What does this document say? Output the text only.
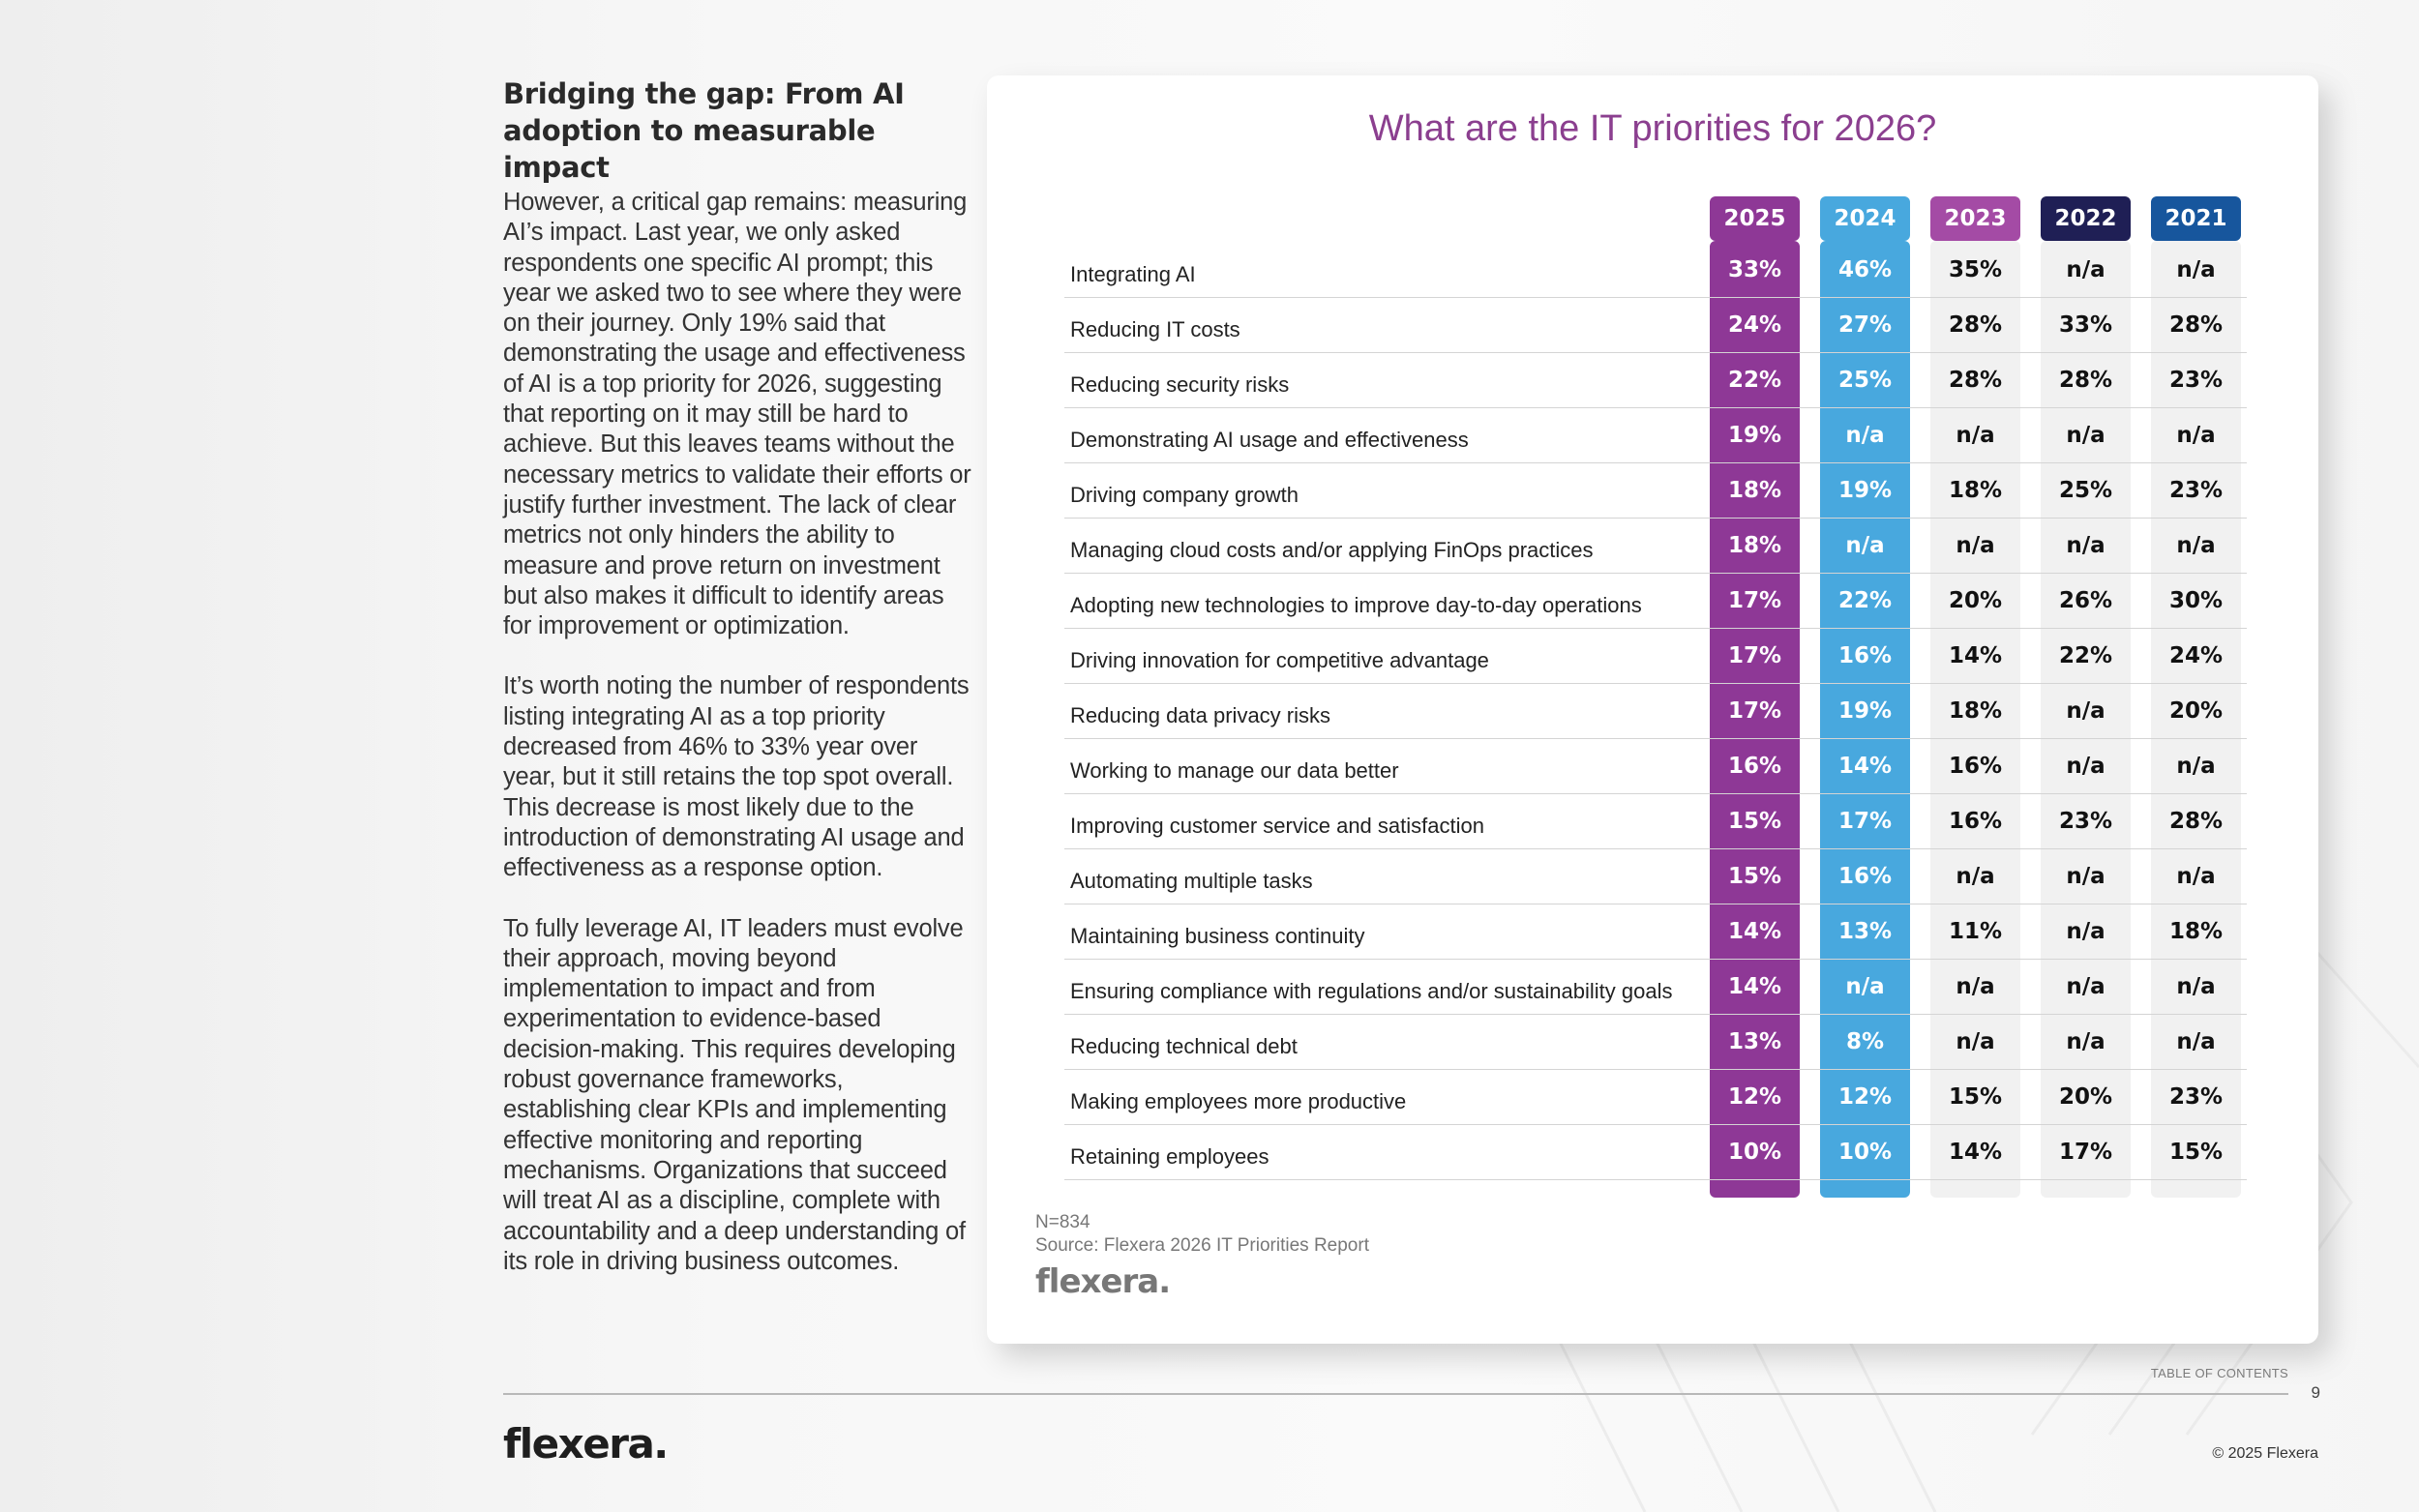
Bridging the gap: From AI adoption to measurable impact

However, a critical gap remains: measuring AI’s impact. Last year, we only asked respondents one specific AI prompt; this year we asked two to see where they were on their journey. Only 19% said that demonstrating the usage and effectiveness of AI is a top priority for 2026, suggesting that reporting on it may still be hard to achieve. But this leaves teams without the necessary metrics to validate their efforts or justify further investment. The lack of clear metrics not only hinders the ability to measure and prove return on investment but also makes it difficult to identify areas for improvement or optimization.

It’s worth noting the number of respondents listing integrating AI as a top priority decreased from 46% to 33% year over year, but it still retains the top spot overall. This decrease is most likely due to the introduction of demonstrating AI usage and effectiveness as a response option.

To fully leverage AI, IT leaders must evolve their approach, moving beyond implementation to impact and from experimentation to evidence-based decision-making. This requires developing robust governance frameworks, establishing clear KPIs and implementing effective monitoring and reporting mechanisms. Organizations that succeed will treat AI as a discipline, complete with accountability and a deep understanding of its role in driving business outcomes.

What are the IT priorities for 2026?
N=834
Source: Flexera 2026 IT Priorities Report
flexera.
2025	2024	2023	2022	2021
Integrating AI	33%	46%	35%	n/a	n/a
Reducing IT costs	24%	27%	28%	33%	28%
Reducing security risks	22%	25%	28%	28%	23%
Demonstrating AI usage and effectiveness	19%	n/a	n/a	n/a	n/a
Driving company growth	18%	19%	18%	25%	23%
Managing cloud costs and/or applying FinOps practices	18%	n/a	n/a	n/a	n/a
Adopting new technologies to improve day-to-day operations	17%	22%	20%	26%	30%
Driving innovation for competitive advantage	17%	16%	14%	22%	24%
Reducing data privacy risks	17%	19%	18%	n/a	20%
Working to manage our data better	16%	14%	16%	n/a	n/a
Improving customer service and satisfaction	15%	17%	16%	23%	28%
Automating multiple tasks	15%	16%	n/a	n/a	n/a
Maintaining business continuity	14%	13%	11%	n/a	18%
Ensuring compliance with regulations and/or sustainability goals	14%	n/a	n/a	n/a	n/a
Reducing technical debt	13%	8%	n/a	n/a	n/a
Making employees more productive	12%	12%	15%	20%	23%
Retaining employees	10%	10%	14%	17%	15%
TABLE OF CONTENTS
9
flexera.	© 2025 Flexera
